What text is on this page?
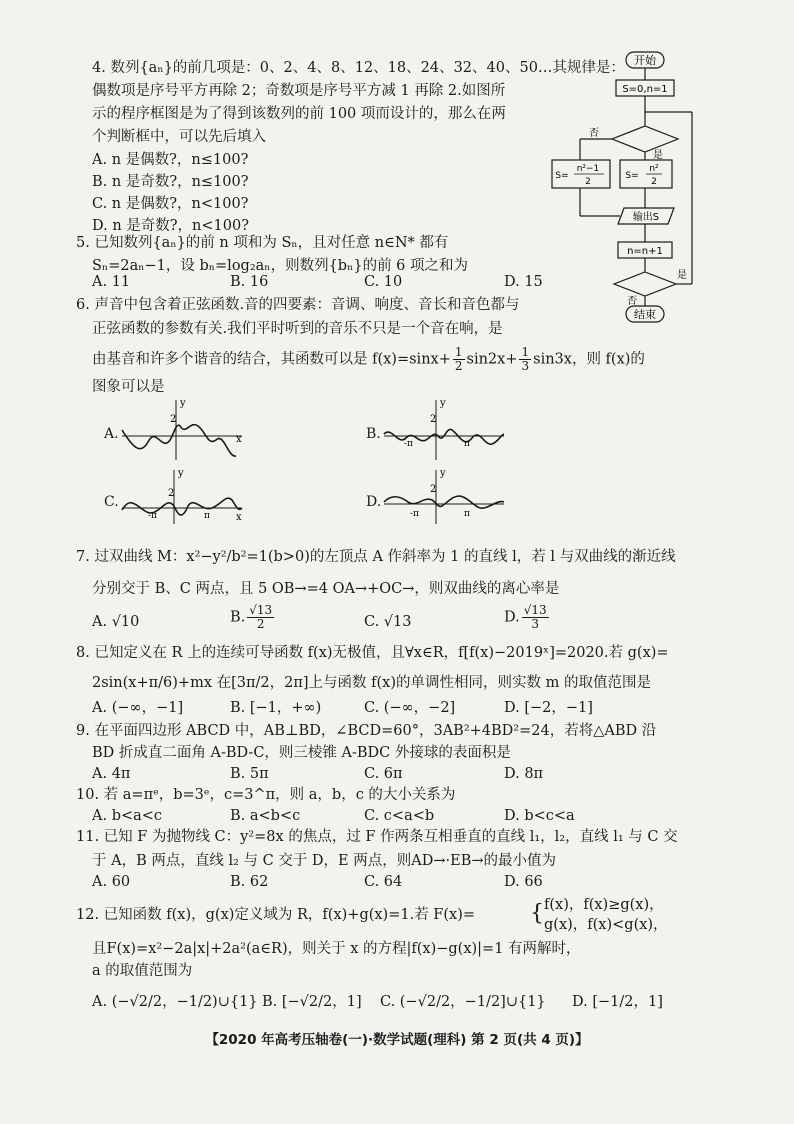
4. 数列{aₙ}的前几项是：0、2、4、8、12、18、24、32、40、50…其规律是：
偶数项是序号平方再除 2；奇数项是序号平方减 1 再除 2.如图所
示的程序框图是为了得到该数列的前 100 项而设计的，那么在两
个判断框中，可以先后填入
A. n 是偶数?，n≤100?
B. n 是奇数?，n≤100?
C. n 是偶数?，n<100?
D. n 是奇数?，n<100?
开始
S=0,n=1
否
是
S=
n²−1
2
S=
n²
2
输出S
n=n+1
是
否
结束
5. 已知数列{aₙ}的前 n 项和为 Sₙ，且对任意 n∈N* 都有
Sₙ=2aₙ−1，设 bₙ=log₂aₙ，则数列{bₙ}的前 6 项之和为
A. 11	B. 16	C. 10	D. 15
6. 声音中包含着正弦函数.音的四要素：音调、响度、音长和音色都与
正弦函数的参数有关.我们平时听到的音乐不只是一个音在响，是
由基音和许多个谐音的结合，其函数可以是 $f(x)=\sin x+ \frac{1}{2} \sin 2x+ \frac{1}{3} \sin 3x$，则 f(x)的
图象可以是
A.	B.
C.	D.
y
x
2
y
2
-π	π
y
x
2
-π	π
y
2
-π	π
7. 过双曲线 M：x²−y²/b²=1(b>0)的左顶点 A 作斜率为 1 的直线 l，若 l 与双曲线的渐近线
分别交于 B、C 两点，且 5 OB→=4 OA→+OC→，则双曲线的离心率是
A. √10	B. $\frac{√13}{2}$	C. √13	D. $\frac{√13}{3}$
8. 已知定义在 R 上的连续可导函数 f(x)无极值，且∀x∈R，f[f(x)−2019ˣ]=2020.若 g(x)=
2sin(x+π/6)+mx 在[3π/2，2π]上与函数 f(x)的单调性相同，则实数 m 的取值范围是
A. (−∞，−1]	B. [−1，+∞)	C. (−∞，−2]	D. [−2，−1]
9. 在平面四边形 ABCD 中，AB⊥BD，∠BCD=60°，3AB²+4BD²=24，若将△ABD 沿
BD 折成直二面角 A-BD-C，则三棱锥 A-BDC 外接球的表面积是
A. 4π	B. 5π	C. 6π	D. 8π
10. 若 a=πᵉ，b=3ᵉ，c=3^π，则 a，b，c 的大小关系为
A. b<a<c	B. a<b<c	C. c<a<b	D. b<c<a
11. 已知 F 为抛物线 C：y²=8x 的焦点，过 F 作两条互相垂直的直线 l₁，l₂，直线 l₁ 与 C 交
于 A，B 两点，直线 l₂ 与 C 交于 D，E 两点，则AD→·EB→的最小值为
A. 60	B. 62	C. 64	D. 66
12. 已知函数 f(x)，g(x)定义域为 R，f(x)+g(x)=1.若 F(x)= { f(x)，f(x)≥g(x)，
g(x)，f(x)<g(x)，
且F(x)=x²−2a|x|+2a²(a∈R)，则关于 x 的方程|f(x)−g(x)|=1 有两解时，
a 的取值范围为
A. (−√2/2，−1/2)∪{1} B. [−√2/2，1] C. (−√2/2，−1/2]∪{1} D. [−1/2，1]
【2020 年高考压轴卷(一)·数学试题(理科) 第 2 页(共 4 页)】
